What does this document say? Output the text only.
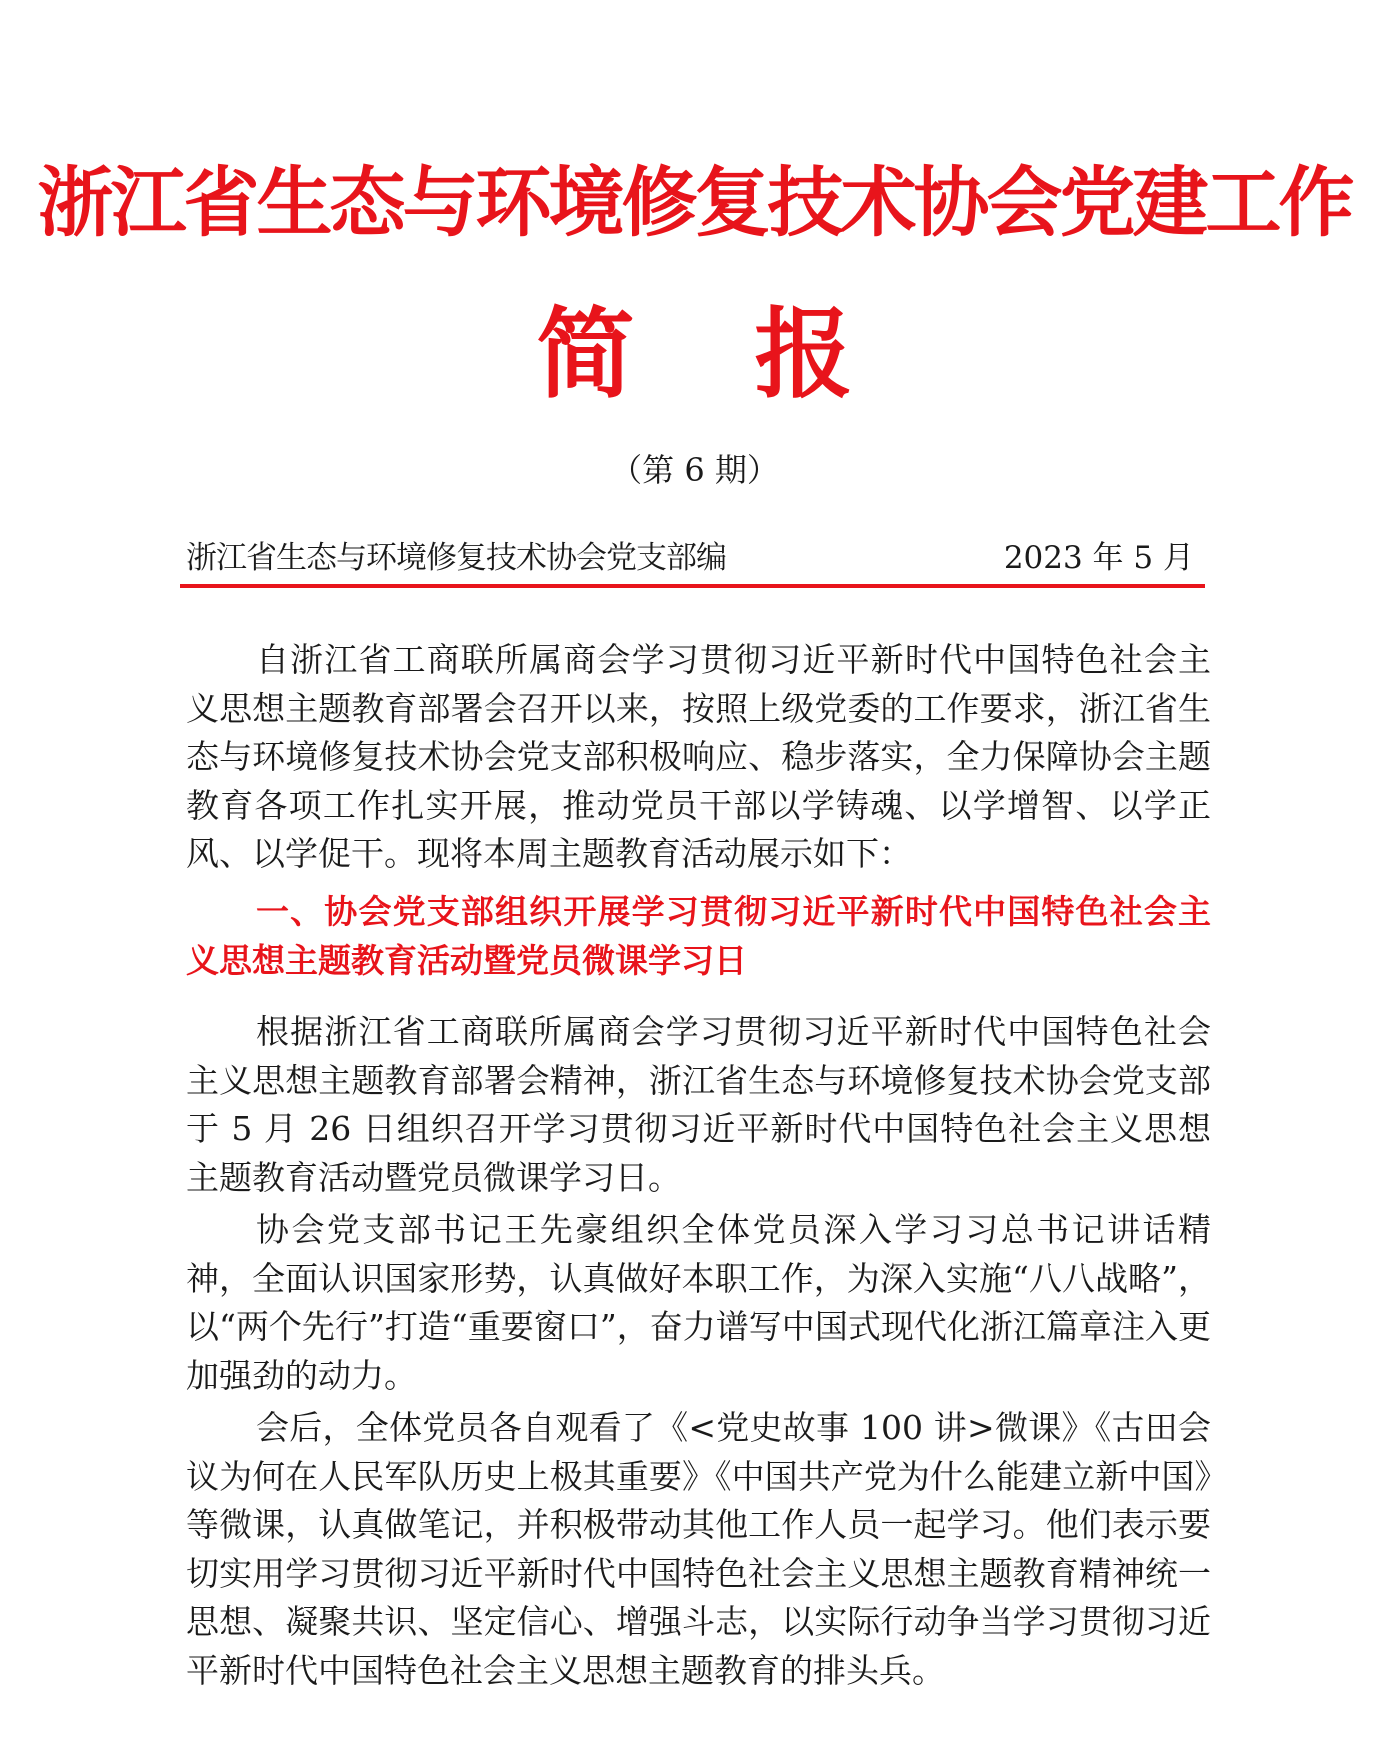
浙江省生态与环境修复技术协会党建工作
简报
（第 6 期）
浙江省生态与环境修复技术协会党支部编	2023 年 5 月

自浙江省工商联所属商会学习贯彻习近平新时代中国特色社会主义思想主题教育部署会召开以来，按照上级党委的工作要求，浙江省生态与环境修复技术协会党支部积极响应、稳步落实，全力保障协会主题教育各项工作扎实开展，推动党员干部以学铸魂、以学增智、以学正风、以学促干。现将本周主题教育活动展示如下：

一、协会党支部组织开展学习贯彻习近平新时代中国特色社会主义思想主题教育活动暨党员微课学习日

根据浙江省工商联所属商会学习贯彻习近平新时代中国特色社会主义思想主题教育部署会精神，浙江省生态与环境修复技术协会党支部于 5 月 26 日组织召开学习贯彻习近平新时代中国特色社会主义思想主题教育活动暨党员微课学习日。

协会党支部书记王先豪组织全体党员深入学习习总书记讲话精神，全面认识国家形势，认真做好本职工作，为深入实施“八八战略”，以“两个先行”打造“重要窗口”，奋力谱写中国式现代化浙江篇章注入更加强劲的动力。

会后，全体党员各自观看了《<党史故事 100 讲>微课》《古田会议为何在人民军队历史上极其重要》《中国共产党为什么能建立新中国》等微课，认真做笔记，并积极带动其他工作人员一起学习。他们表示要切实用学习贯彻习近平新时代中国特色社会主义思想主题教育精神统一思想、凝聚共识、坚定信心、增强斗志，以实际行动争当学习贯彻习近平新时代中国特色社会主义思想主题教育的排头兵。
